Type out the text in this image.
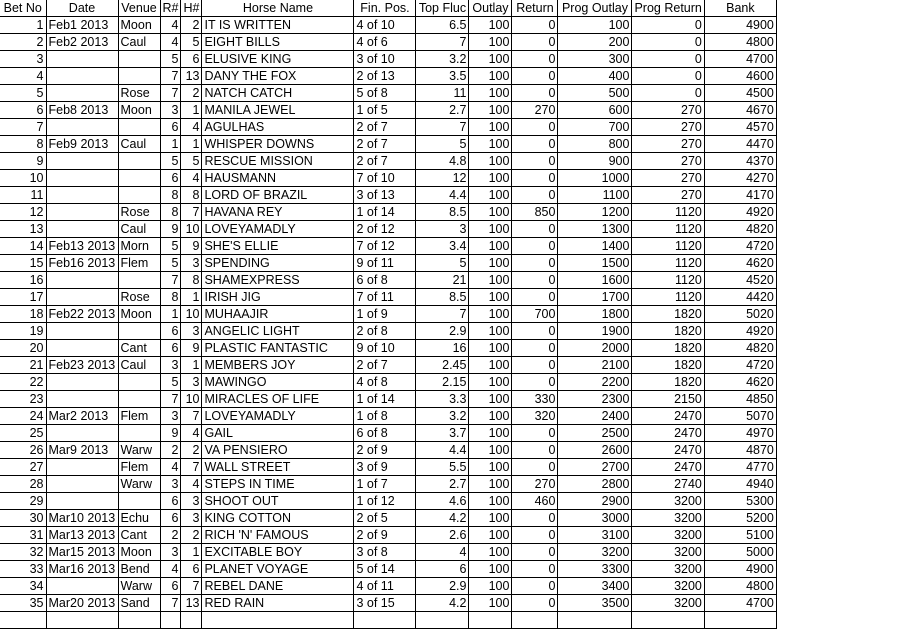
Bet No	Date	Venue	R#	H#	Horse Name	Fin. Pos.	Top Fluc	Outlay	Return	Prog Outlay	Prog Return	Bank
1	Feb1 2013	Moon	4	2	IT IS WRITTEN	4 of 10	6.5	100	0	100	0	4900
2	Feb2 2013	Caul	4	5	EIGHT BILLS	4 of 6	7	100	0	200	0	4800
3			5	6	ELUSIVE KING	3 of 10	3.2	100	0	300	0	4700
4			7	13	DANY THE FOX	2 of 13	3.5	100	0	400	0	4600
5		Rose	7	2	NATCH CATCH	5 of 8	11	100	0	500	0	4500
6	Feb8 2013	Moon	3	1	MANILA JEWEL	1 of 5	2.7	100	270	600	270	4670
7			6	4	AGULHAS	2 of 7	7	100	0	700	270	4570
8	Feb9 2013	Caul	1	1	WHISPER DOWNS	2 of 7	5	100	0	800	270	4470
9			5	5	RESCUE MISSION	2 of 7	4.8	100	0	900	270	4370
10			6	4	HAUSMANN	7 of 10	12	100	0	1000	270	4270
11			8	8	LORD OF BRAZIL	3 of 13	4.4	100	0	1100	270	4170
12		Rose	8	7	HAVANA REY	1 of 14	8.5	100	850	1200	1120	4920
13		Caul	9	10	LOVEYAMADLY	2 of 12	3	100	0	1300	1120	4820
14	Feb13 2013	Morn	5	9	SHE'S ELLIE	7 of 12	3.4	100	0	1400	1120	4720
15	Feb16 2013	Flem	5	3	SPENDING	9 of 11	5	100	0	1500	1120	4620
16			7	8	SHAMEXPRESS	6 of 8	21	100	0	1600	1120	4520
17		Rose	8	1	IRISH JIG	7 of 11	8.5	100	0	1700	1120	4420
18	Feb22 2013	Moon	1	10	MUHAAJIR	1 of 9	7	100	700	1800	1820	5020
19			6	3	ANGELIC LIGHT	2 of 8	2.9	100	0	1900	1820	4920
20		Cant	6	9	PLASTIC FANTASTIC	9 of 10	16	100	0	2000	1820	4820
21	Feb23 2013	Caul	3	1	MEMBERS JOY	2 of 7	2.45	100	0	2100	1820	4720
22			5	3	MAWINGO	4 of 8	2.15	100	0	2200	1820	4620
23			7	10	MIRACLES OF LIFE	1 of 14	3.3	100	330	2300	2150	4850
24	Mar2 2013	Flem	3	7	LOVEYAMADLY	1 of 8	3.2	100	320	2400	2470	5070
25			9	4	GAIL	6 of 8	3.7	100	0	2500	2470	4970
26	Mar9 2013	Warw	2	2	VA PENSIERO	2 of 9	4.4	100	0	2600	2470	4870
27		Flem	4	7	WALL STREET	3 of 9	5.5	100	0	2700	2470	4770
28		Warw	3	4	STEPS IN TIME	1 of 7	2.7	100	270	2800	2740	4940
29			6	3	SHOOT OUT	1 of 12	4.6	100	460	2900	3200	5300
30	Mar10 2013	Echu	6	3	KING COTTON	2 of 5	4.2	100	0	3000	3200	5200
31	Mar13 2013	Cant	2	2	RICH 'N' FAMOUS	2 of 9	2.6	100	0	3100	3200	5100
32	Mar15 2013	Moon	3	1	EXCITABLE BOY	3 of 8	4	100	0	3200	3200	5000
33	Mar16 2013	Bend	4	6	PLANET VOYAGE	5 of 14	6	100	0	3300	3200	4900
34		Warw	6	7	REBEL DANE	4 of 11	2.9	100	0	3400	3200	4800
35	Mar20 2013	Sand	7	13	RED RAIN	3 of 15	4.2	100	0	3500	3200	4700
